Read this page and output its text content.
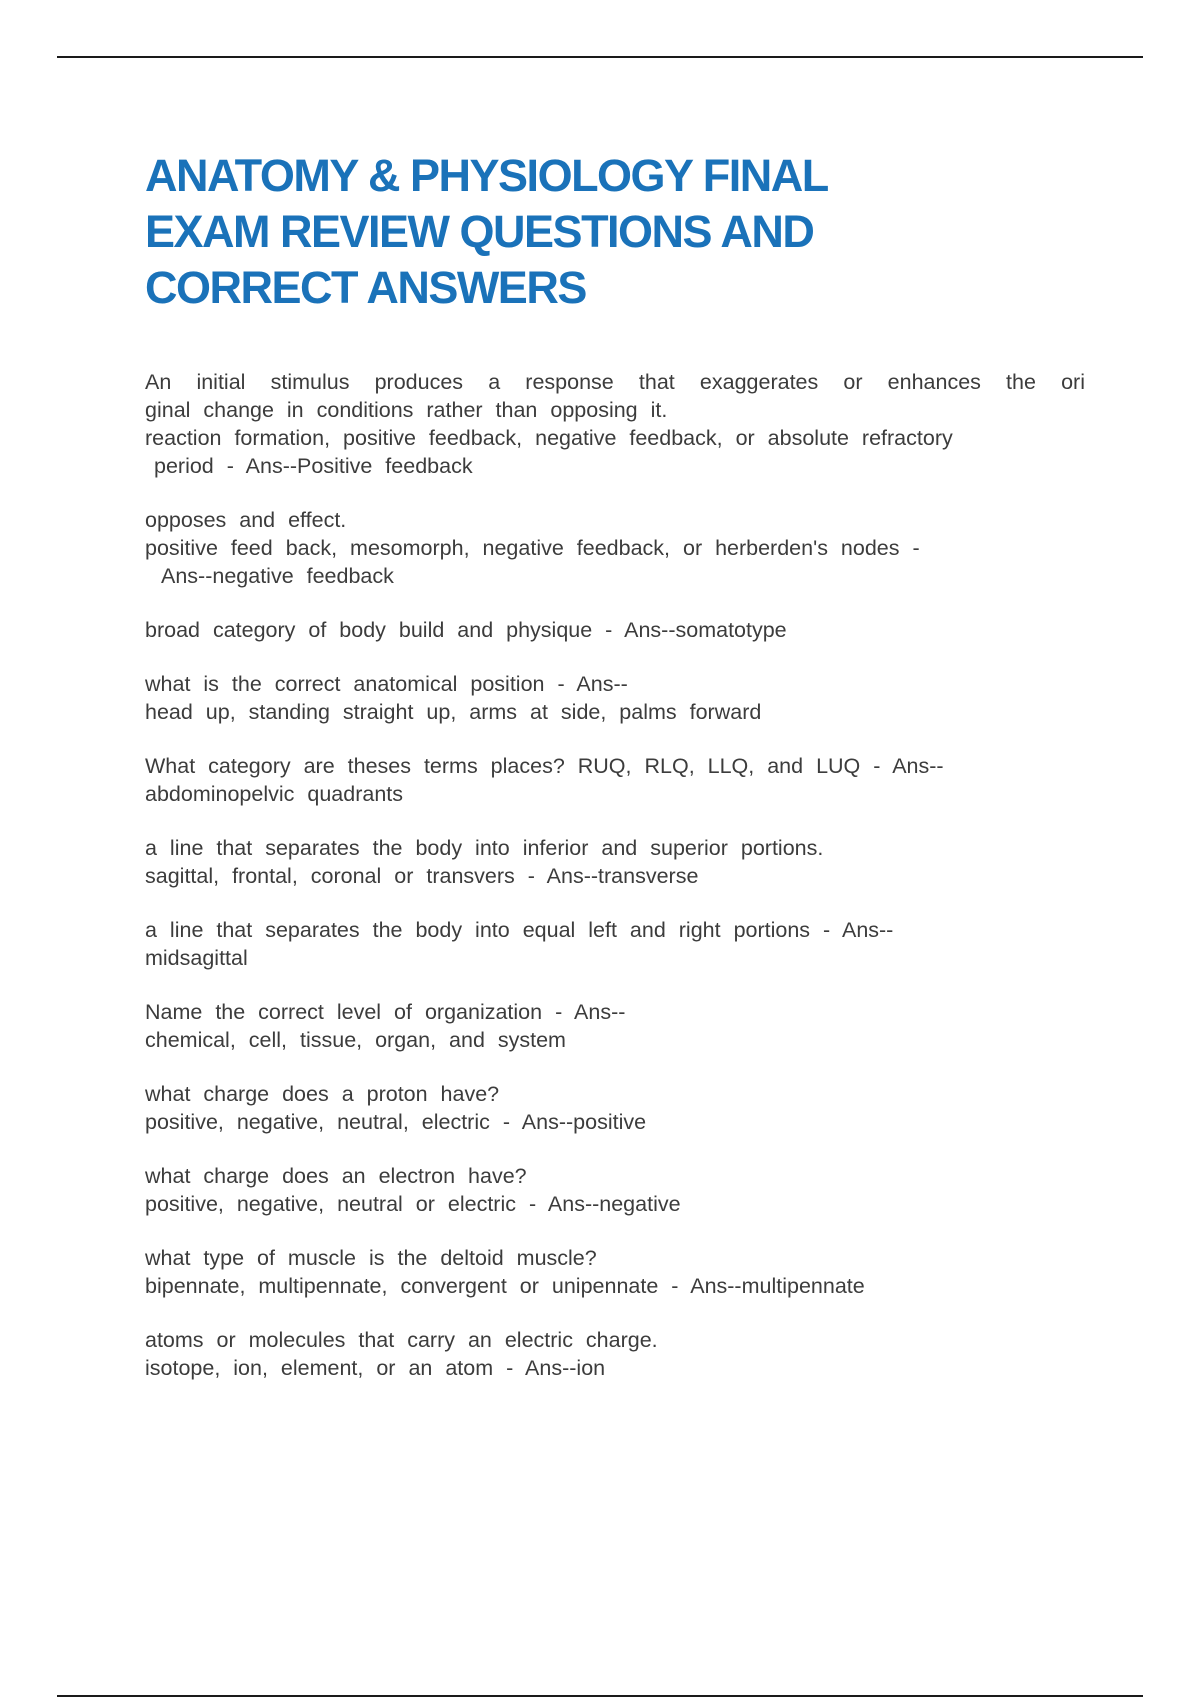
ANATOMY & PHYSIOLOGY FINAL
EXAM REVIEW QUESTIONS AND
CORRECT ANSWERS
An initial stimulus produces a response that exaggerates or enhances the ori
ginal change in conditions rather than opposing it.
reaction formation, positive feedback, negative feedback, or absolute refractory
period - Ans--Positive feedback
opposes and effect.
positive feed back, mesomorph, negative feedback, or herberden's nodes -
Ans--negative feedback
broad category of body build and physique - Ans--somatotype
what is the correct anatomical position - Ans--
head up, standing straight up, arms at side, palms forward
What category are theses terms places? RUQ, RLQ, LLQ, and LUQ - Ans--
abdominopelvic quadrants
a line that separates the body into inferior and superior portions.
sagittal, frontal, coronal or transvers - Ans--transverse
a line that separates the body into equal left and right portions - Ans--
midsagittal
Name the correct level of organization - Ans--
chemical, cell, tissue, organ, and system
what charge does a proton have?
positive, negative, neutral, electric - Ans--positive
what charge does an electron have?
positive, negative, neutral or electric - Ans--negative
what type of muscle is the deltoid muscle?
bipennate, multipennate, convergent or unipennate - Ans--multipennate
atoms or molecules that carry an electric charge.
isotope, ion, element, or an atom - Ans--ion
